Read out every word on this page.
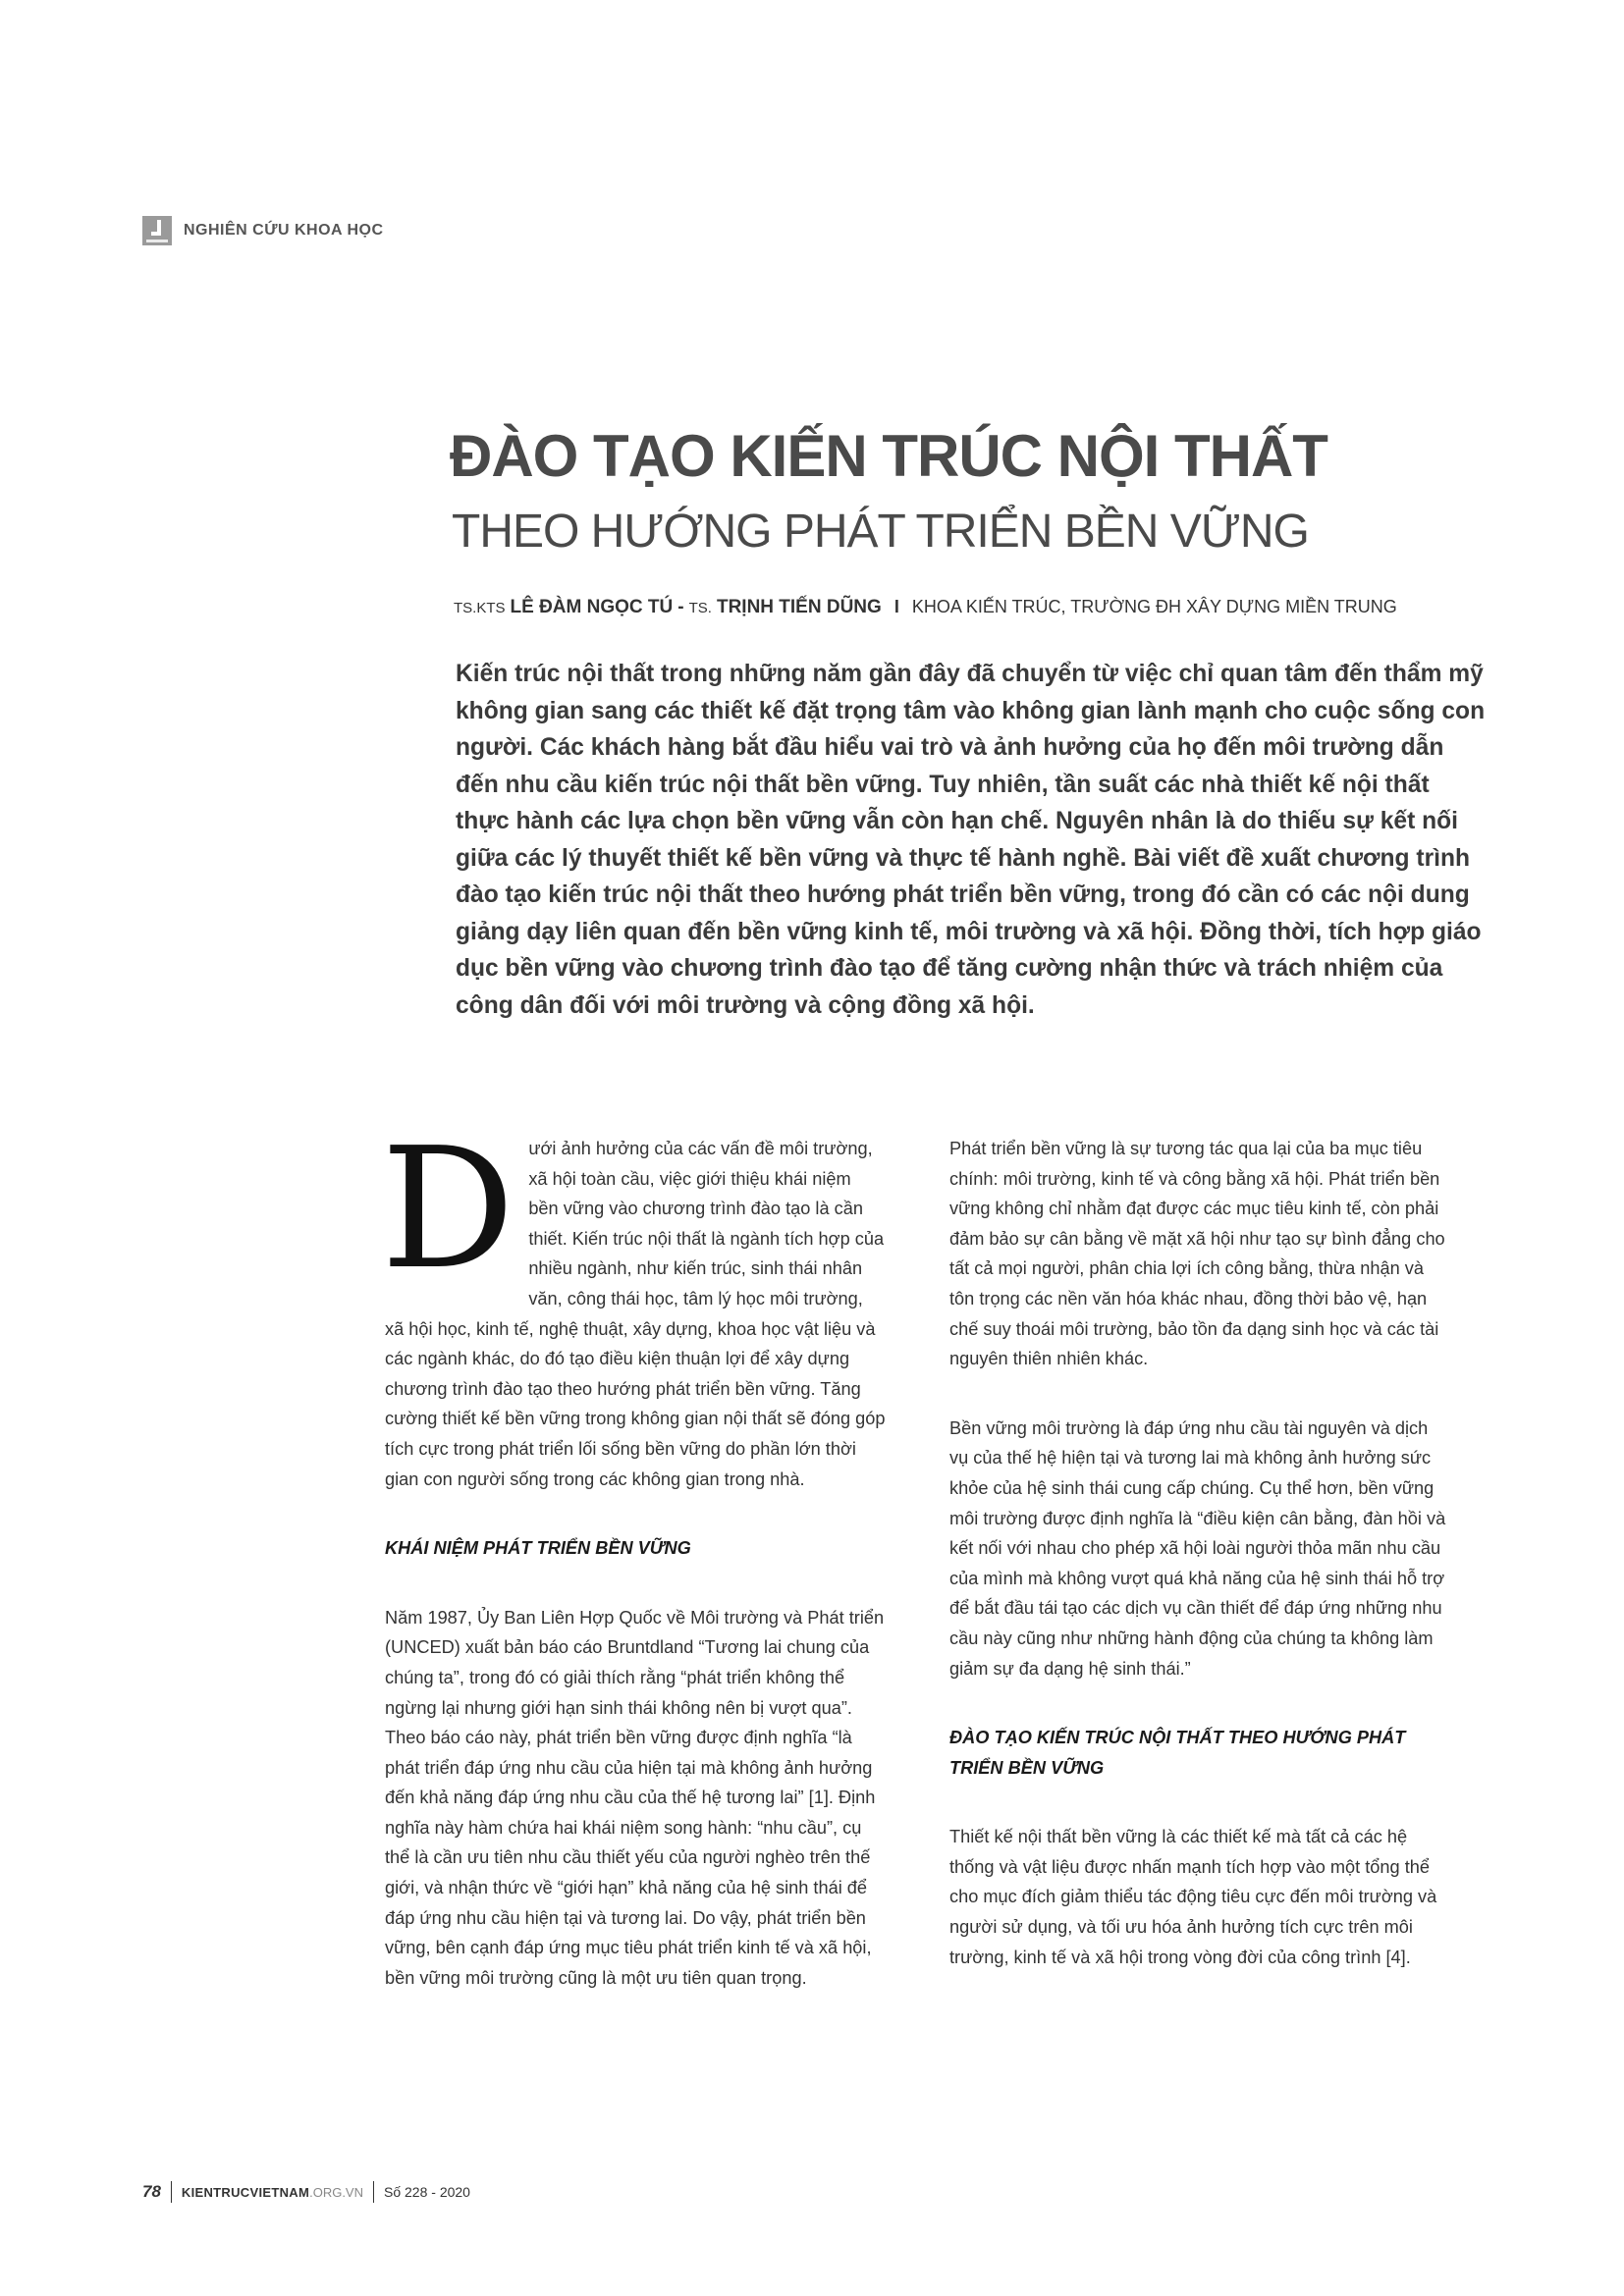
NGHIÊN CỨU KHOA HỌC
ĐÀO TẠO KIẾN TRÚC NỘI THẤT
THEO HƯỚNG PHÁT TRIỂN BỀN VỮNG
TS.KTS LÊ ĐÀM NGỌC TÚ - TS. TRỊNH TIẾN DŨNG I KHOA KIẾN TRÚC, TRƯỜNG ĐH XÂY DỰNG MIỀN TRUNG

Kiến trúc nội thất trong những năm gần đây đã chuyển từ việc chỉ quan tâm đến thẩm mỹ không gian sang các thiết kế đặt trọng tâm vào không gian lành mạnh cho cuộc sống con người. Các khách hàng bắt đầu hiểu vai trò và ảnh hưởng của họ đến môi trường dẫn đến nhu cầu kiến trúc nội thất bền vững. Tuy nhiên, tần suất các nhà thiết kế nội thất thực hành các lựa chọn bền vững vẫn còn hạn chế. Nguyên nhân là do thiếu sự kết nối giữa các lý thuyết thiết kế bền vững và thực tế hành nghề. Bài viết đề xuất chương trình đào tạo kiến trúc nội thất theo hướng phát triển bền vững, trong đó cần có các nội dung giảng dạy liên quan đến bền vững kinh tế, môi trường và xã hội. Đồng thời, tích hợp giáo dục bền vững vào chương trình đào tạo để tăng cường nhận thức và trách nhiệm của công dân đối với môi trường và cộng đồng xã hội.

D ưới ảnh hưởng của các vấn đề môi trường, xã hội toàn cầu, việc giới thiệu khái niệm bền vững vào chương trình đào tạo là cần thiết. Kiến trúc nội thất là ngành tích hợp của nhiều ngành, như kiến trúc, sinh thái nhân văn, công thái học, tâm lý học môi trường, xã hội học, kinh tế, nghệ thuật, xây dựng, khoa học vật liệu và các ngành khác, do đó tạo điều kiện thuận lợi để xây dựng chương trình đào tạo theo hướng phát triển bền vững. Tăng cường thiết kế bền vững trong không gian nội thất sẽ đóng góp tích cực trong phát triển lối sống bền vững do phần lớn thời gian con người sống trong các không gian trong nhà.

KHÁI NIỆM PHÁT TRIỂN BỀN VỮNG

Năm 1987, Ủy Ban Liên Hợp Quốc về Môi trường và Phát triển (UNCED) xuất bản báo cáo Bruntdland “Tương lai chung của chúng ta”, trong đó có giải thích rằng “phát triển không thể ngừng lại nhưng giới hạn sinh thái không nên bị vượt qua”. Theo báo cáo này, phát triển bền vững được định nghĩa “là phát triển đáp ứng nhu cầu của hiện tại mà không ảnh hưởng đến khả năng đáp ứng nhu cầu của thế hệ tương lai” [1]. Định nghĩa này hàm chứa hai khái niệm song hành: “nhu cầu”, cụ thể là cần ưu tiên nhu cầu thiết yếu của người nghèo trên thế giới, và nhận thức về “giới hạn” khả năng của hệ sinh thái để đáp ứng nhu cầu hiện tại và tương lai. Do vậy, phát triển bền vững, bên cạnh đáp ứng mục tiêu phát triển kinh tế và xã hội, bền vững môi trường cũng là một ưu tiên quan trọng.

Phát triển bền vững là sự tương tác qua lại của ba mục tiêu chính: môi trường, kinh tế và công bằng xã hội. Phát triển bền vững không chỉ nhằm đạt được các mục tiêu kinh tế, còn phải đảm bảo sự cân bằng về mặt xã hội như tạo sự bình đẳng cho tất cả mọi người, phân chia lợi ích công bằng, thừa nhận và tôn trọng các nền văn hóa khác nhau, đồng thời bảo vệ, hạn chế suy thoái môi trường, bảo tồn đa dạng sinh học và các tài nguyên thiên nhiên khác.

Bền vững môi trường là đáp ứng nhu cầu tài nguyên và dịch vụ của thế hệ hiện tại và tương lai mà không ảnh hưởng sức khỏe của hệ sinh thái cung cấp chúng. Cụ thể hơn, bền vững môi trường được định nghĩa là “điều kiện cân bằng, đàn hồi và kết nối với nhau cho phép xã hội loài người thỏa mãn nhu cầu của mình mà không vượt quá khả năng của hệ sinh thái hỗ trợ để bắt đầu tái tạo các dịch vụ cần thiết để đáp ứng những nhu cầu này cũng như những hành động của chúng ta không làm giảm sự đa dạng hệ sinh thái.”

ĐÀO TẠO KIẾN TRÚC NỘI THẤT THEO HƯỚNG PHÁT TRIỂN BỀN VỮNG

Thiết kế nội thất bền vững là các thiết kế mà tất cả các hệ thống và vật liệu được nhấn mạnh tích hợp vào một tổng thể cho mục đích giảm thiểu tác động tiêu cực đến môi trường và người sử dụng, và tối ưu hóa ảnh hưởng tích cực trên môi trường, kinh tế và xã hội trong vòng đời của công trình [4].

78 KIENTRUCVIETNAM .ORG.VN Số 228 - 2020
